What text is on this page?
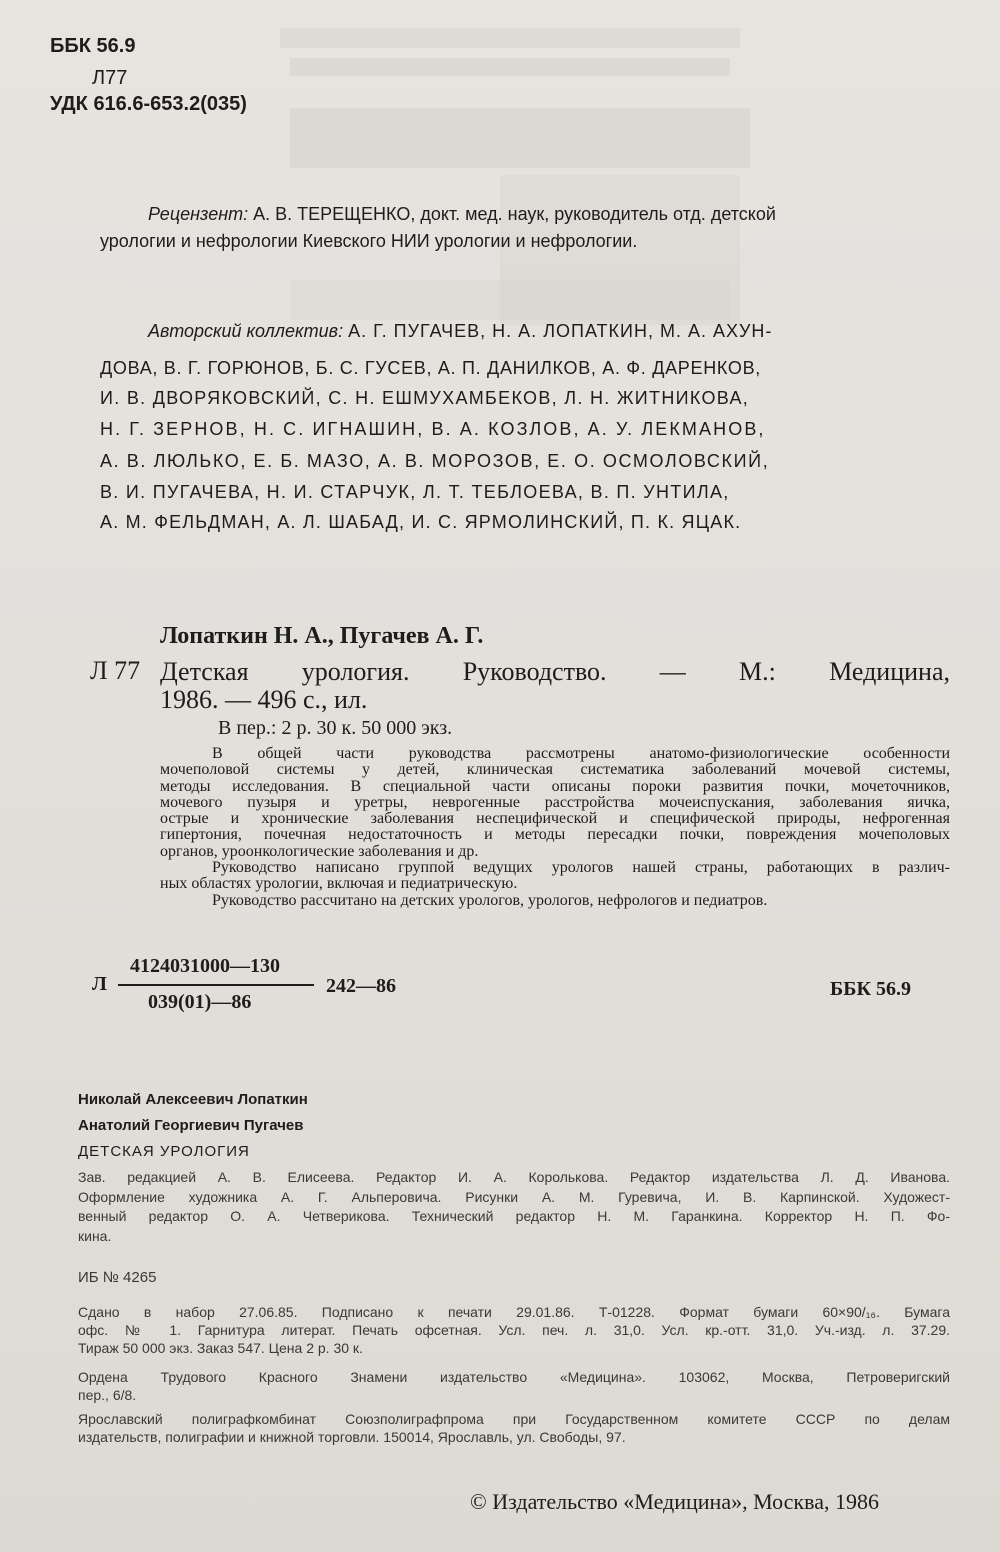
ББК 56.9
Л77
УДК 616.6-653.2(035)
Рецензент: А. В. ТЕРЕЩЕНКО, докт. мед. наук, руководитель отд. детской
урологии и нефрологии Киевского НИИ урологии и нефрологии.
Авторский коллектив: А. Г. ПУГАЧЕВ, Н. А. ЛОПАТКИН, М. А. АХУН-
ДОВА, В. Г. ГОРЮНОВ, Б. С. ГУСЕВ, А. П. ДАНИЛКОВ, А. Ф. ДАРЕНКОВ,
И. В. ДВОРЯКОВСКИЙ, С. Н. ЕШМУХАМБЕКОВ, Л. Н. ЖИТНИКОВА,
Н. Г. ЗЕРНОВ, Н. С. ИГНАШИН, В. А. КОЗЛОВ, А. У. ЛЕКМАНОВ,
А. В. ЛЮЛЬКО, Е. Б. МАЗО, А. В. МОРОЗОВ, Е. О. ОСМОЛОВСКИЙ,
В. И. ПУГАЧЕВА, Н. И. СТАРЧУК, Л. Т. ТЕБЛОЕВА, В. П. УНТИЛА,
А. М. ФЕЛЬДМАН, А. Л. ШАБАД, И. С. ЯРМОЛИНСКИЙ, П. К. ЯЦАК.
Лопаткин Н. А., Пугачев А. Г.
Л 77 Детская урология. Руководство. — М.: Медицина,
1986. — 496 с., ил.
В пер.: 2 р. 30 к. 50 000 экз.
В общей части руководства рассмотрены анатомо-физиологические особенности
мочеполовой системы у детей, клиническая систематика заболеваний мочевой системы,
методы исследования. В специальной части описаны пороки развития почки, мочеточников,
мочевого пузыря и уретры, неврогенные расстройства мочеиспускания, заболевания яичка,
острые и хронические заболевания неспецифической и специфической природы, нефрогенная
гипертония, почечная недостаточность и методы пересадки почки, повреждения мочеполовых
органов, уроонкологические заболевания и др.
Руководство написано группой ведущих урологов нашей страны, работающих в различ-
ных областях урологии, включая и педиатрическую.
Руководство рассчитано на детских урологов, урологов, нефрологов и педиатров.
Л
4124031000—130
039(01)—86
242—86	ББК 56.9
Николай Алексеевич Лопаткин
Анатолий Георгиевич Пугачев
ДЕТСКАЯ УРОЛОГИЯ
Зав. редакцией А. В. Елисеева. Редактор И. А. Королькова. Редактор издательства Л. Д. Иванова.
Оформление художника А. Г. Альперовича. Рисунки А. М. Гуревича, И. В. Карпинской. Художест-
венный редактор О. А. Четверикова. Технический редактор Н. М. Гаранкина. Корректор Н. П. Фо-
кина.
ИБ № 4265
Сдано в набор 27.06.85. Подписано к печати 29.01.86. Т-01228. Формат бумаги 60×90/₁₆. Бумага
офс. № 1. Гарнитура литерат. Печать офсетная. Усл. печ. л. 31,0. Усл. кр.-отт. 31,0. Уч.-изд. л. 37.29.
Тираж 50 000 экз. Заказ 547. Цена 2 р. 30 к.
Ордена Трудового Красного Знамени издательство «Медицина». 103062, Москва, Петроверигский
пер., 6/8.
Ярославский полиграфкомбинат Союзполиграфпрома при Государственном комитете СССР по делам
издательств, полиграфии и книжной торговли. 150014, Ярославль, ул. Свободы, 97.
© Издательство «Медицина», Москва, 1986
